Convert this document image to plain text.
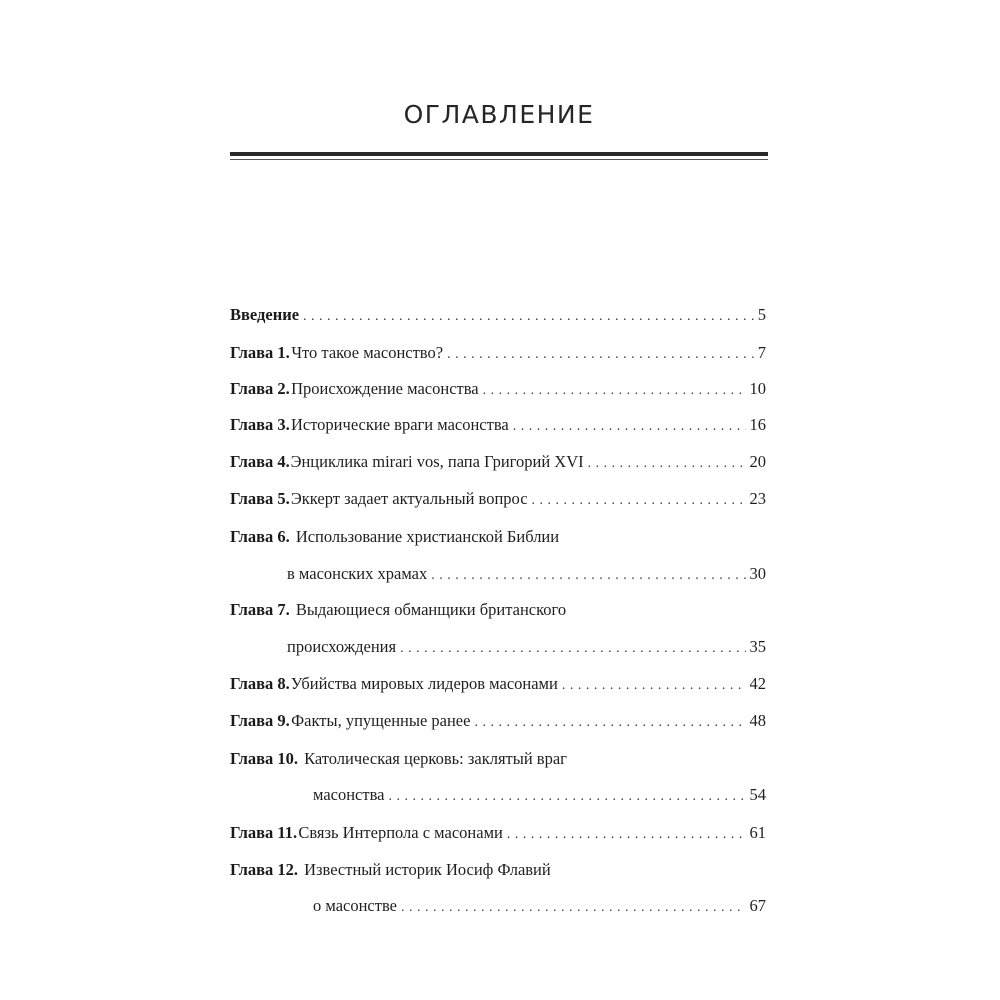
ОГЛАВЛЕНИЕ
Введение . . .	5
Глава 1. Что такое масонство? . . .	7
Глава 2. Происхождение масонства . . .	10
Глава 3. Исторические враги масонства . . .	16
Глава 4. Энциклика mirari vos, папа Григорий XVI . . .	20
Глава 5. Эккерт задает актуальный вопрос . . .	23
Глава 6. Использование христианской Библии
в масонских храмах . . .	30
Глава 7. Выдающиеся обманщики британского
происхождения . . .	35
Глава 8. Убийства мировых лидеров масонами . . .	42
Глава 9. Факты, упущенные ранее . . .	48
Глава 10. Католическая церковь: заклятый враг
масонства . . .	54
Глава 11. Связь Интерпола с масонами . . .	61
Глава 12. Известный историк Иосиф Флавий
о масонстве . . .	67
